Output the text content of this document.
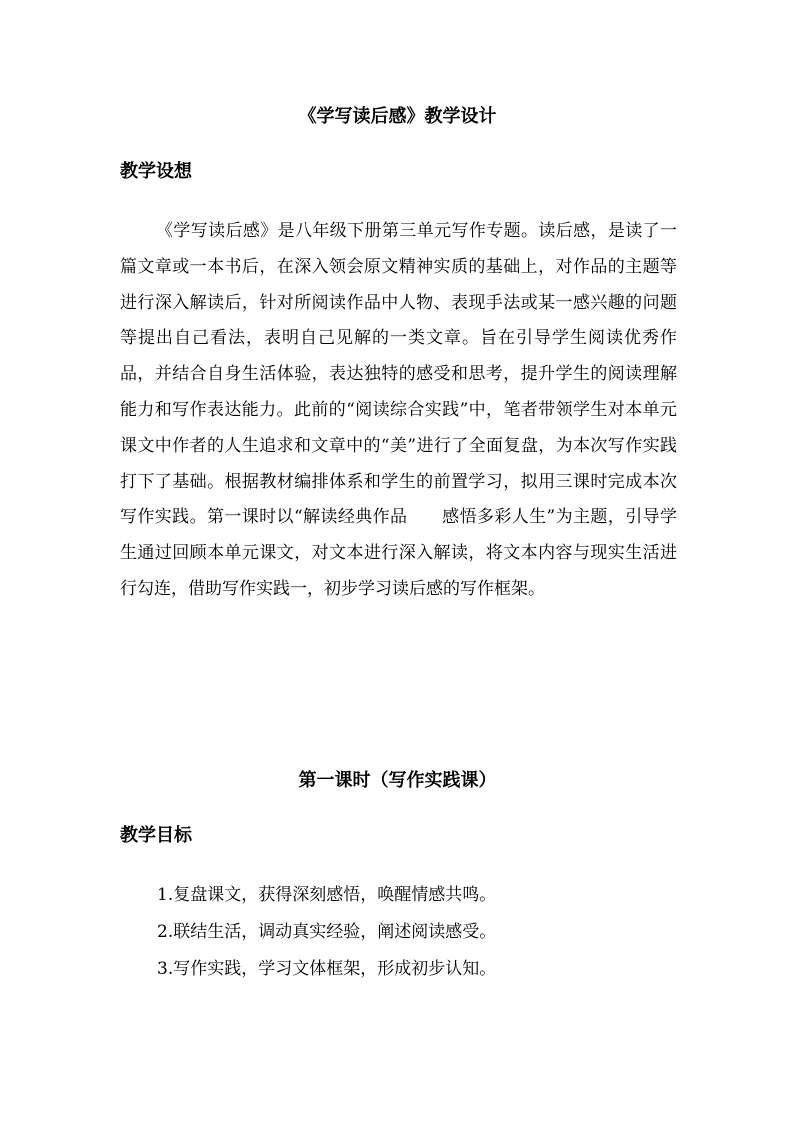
《学写读后感》教学设计
教学设想

《学写读后感》是八年级下册第三单元写作专题。读后感，是读了一篇文章或一本书后，在深入领会原文精神实质的基础上，对作品的主题等进行深入解读后，针对所阅读作品中人物、表现手法或某一感兴趣的问题等提出自己看法，表明自己见解的一类文章。旨在引导学生阅读优秀作品，并结合自身生活体验，表达独特的感受和思考，提升学生的阅读理解能力和写作表达能力。此前的“阅读综合实践”中，笔者带领学生对本单元课文中作者的人生追求和文章中的“美”进行了全面复盘，为本次写作实践打下了基础。根据教材编排体系和学生的前置学习，拟用三课时完成本次写作实践。第一课时以“解读经典作品　　感悟多彩人生”为主题，引导学生通过回顾本单元课文，对文本进行深入解读，将文本内容与现实生活进行勾连，借助写作实践一，初步学习读后感的写作框架。

第一课时（写作实践课）
教学目标
1.复盘课文，获得深刻感悟，唤醒情感共鸣。
2.联结生活，调动真实经验，阐述阅读感受。
3.写作实践，学习文体框架，形成初步认知。
